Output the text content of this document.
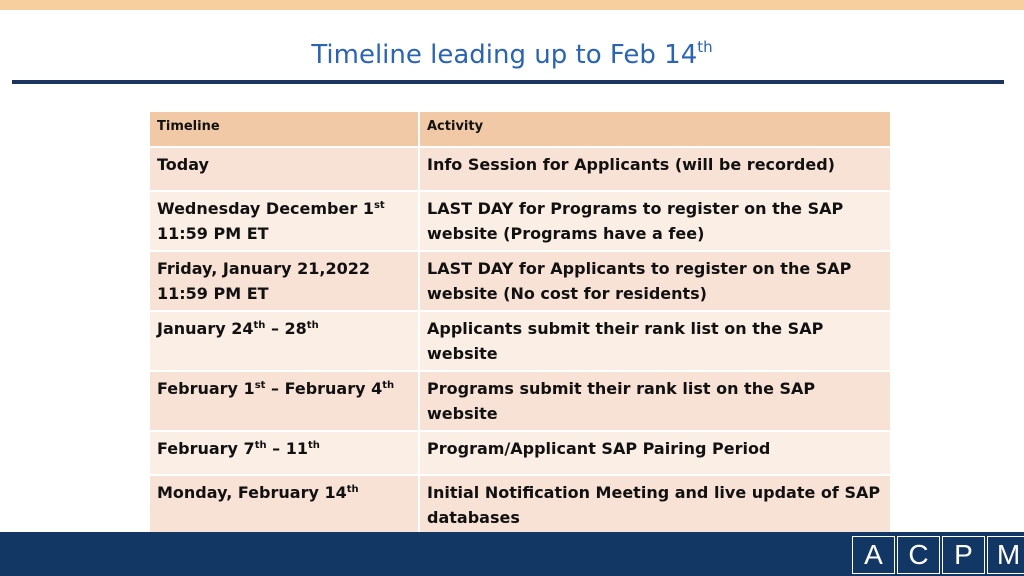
Timeline leading up to Feb 14th
Timeline	Activity
Today	Info Session for Applicants (will be recorded)
Wednesday December 1st
11:59 PM ET	LAST DAY for Programs to register on the SAP website (Programs have a fee)
Friday, January 21,2022
11:59 PM ET	LAST DAY for Applicants to register on the SAP website (No cost for residents)
January 24th – 28th	Applicants submit their rank list on the SAP website
February 1st – February 4th	Programs submit their rank list on the SAP website
February 7th – 11th	Program/Applicant SAP Pairing Period
Monday, February 14th	Initial Notification Meeting and live update of SAP databases
A C P M
